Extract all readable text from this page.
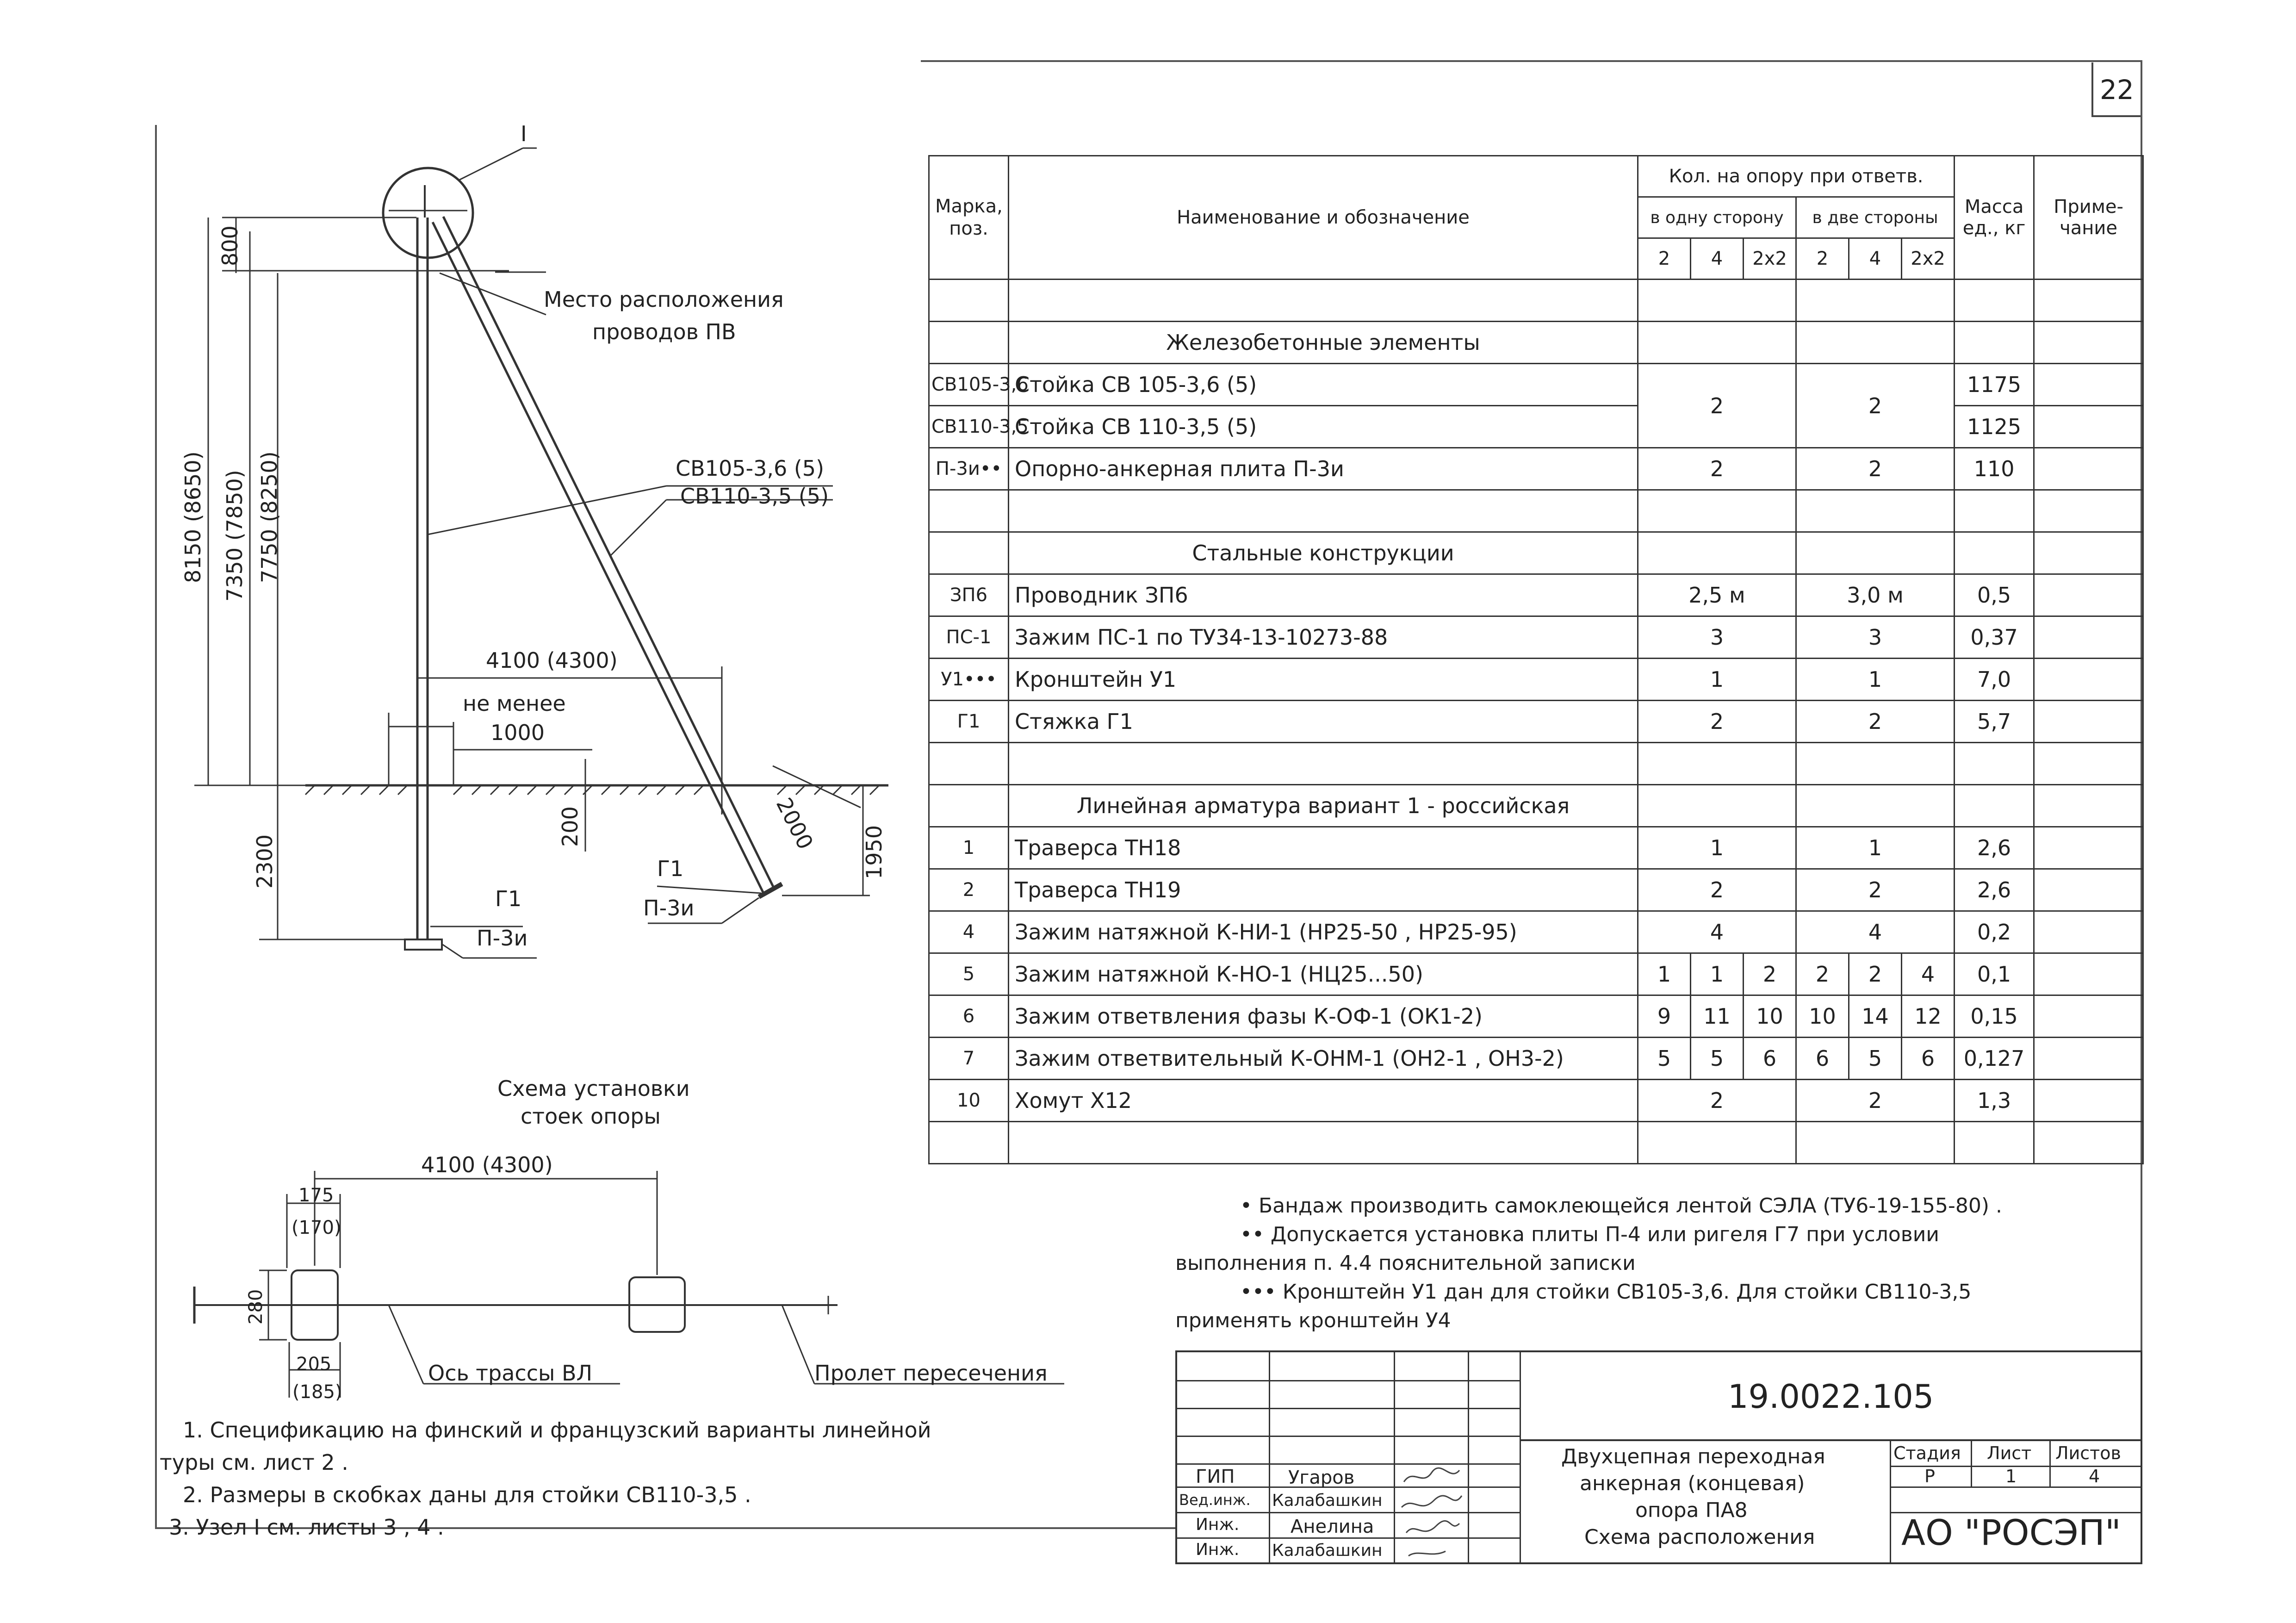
22
I
Место расположения
проводов ПВ
СВ105-3,6 (5)
СВ110-3,5 (5)
800
8150 (8650) 7350 (7850) 7750 (8250)
4100 (4300)
не менее
1000
200
2300
2000 1950
Г1
П-3и
Г1
П-3и
Схема установки
стоек опоры
4100 (4300)
175
(170)
280
205
(185)
Ось трассы ВЛ	Пролет пересечения
Марка, поз.	Наименование и обозначение	Кол. на опору при ответв.						Масса ед., кг	Приме-чание
		в одну сторону			в две стороны				
		2	4	2х2	2	4	2х2		

	Железобетонные элементы								
СВ105-3,6	Стойка СВ 105-3,6 (5)	2			2			1175	
СВ110-3,5	Стойка СВ 110-3,5 (5)							1125	
П-3и••	Опорно-анкерная плита П-3и	2			2			110	

	Стальные конструкции								
ЗП6	Проводник ЗП6	2,5 м			3,0 м			0,5	
ПС-1	Зажим ПС-1 по ТУ34-13-10273-88	3			3			0,37	
У1•••	Кронштейн У1	1			1			7,0	
Г1	Стяжка Г1	2			2			5,7	

	Линейная арматура вариант 1 - российская								
1	Траверса ТН18	1			1			2,6	
2	Траверса ТН19	2			2			2,6	
4	Зажим натяжной К-НИ-1 (НР25-50 , НР25-95)	4			4			0,2	
5	Зажим натяжной К-НО-1 (НЦ25...50)	1	1	2	2	2	4	0,1	
6	Зажим ответвления фазы К-ОФ-1 (ОК1-2)	9	11	10	10	14	12	0,15	
7	Зажим ответвительный К-ОНМ-1 (ОН2-1 , ОН3-2)	5	5	6	6	5	6	0,127	
10	Хомут Х12	2			2			1,3	

• Бандаж производить самоклеющейся лентой СЭЛА (ТУ6-19-155-80) .
•• Допускается установка плиты П-4 или ригеля Г7 при условии
выполнения п. 4.4 пояснительной записки
••• Кронштейн У1 дан для стойки СВ105-3,6. Для стойки СВ110-3,5
применять кронштейн У4
1. Спецификацию на финский и французский варианты линейной
туры см. лист 2 .
2. Размеры в скобках даны для стойки СВ110-3,5 .
3. Узел I см. листы 3 , 4 .
19.0022.105
Двухцепная переходная
анкерная (концевая)
опора ПА8
Схема расположения
Стадия Лист Листов
Р	1	4
АО "РОСЭП"
ГИП	Угаров
Вед.инж. Калабашкин
Инж.	Анелина
Инж. Калабашкин
